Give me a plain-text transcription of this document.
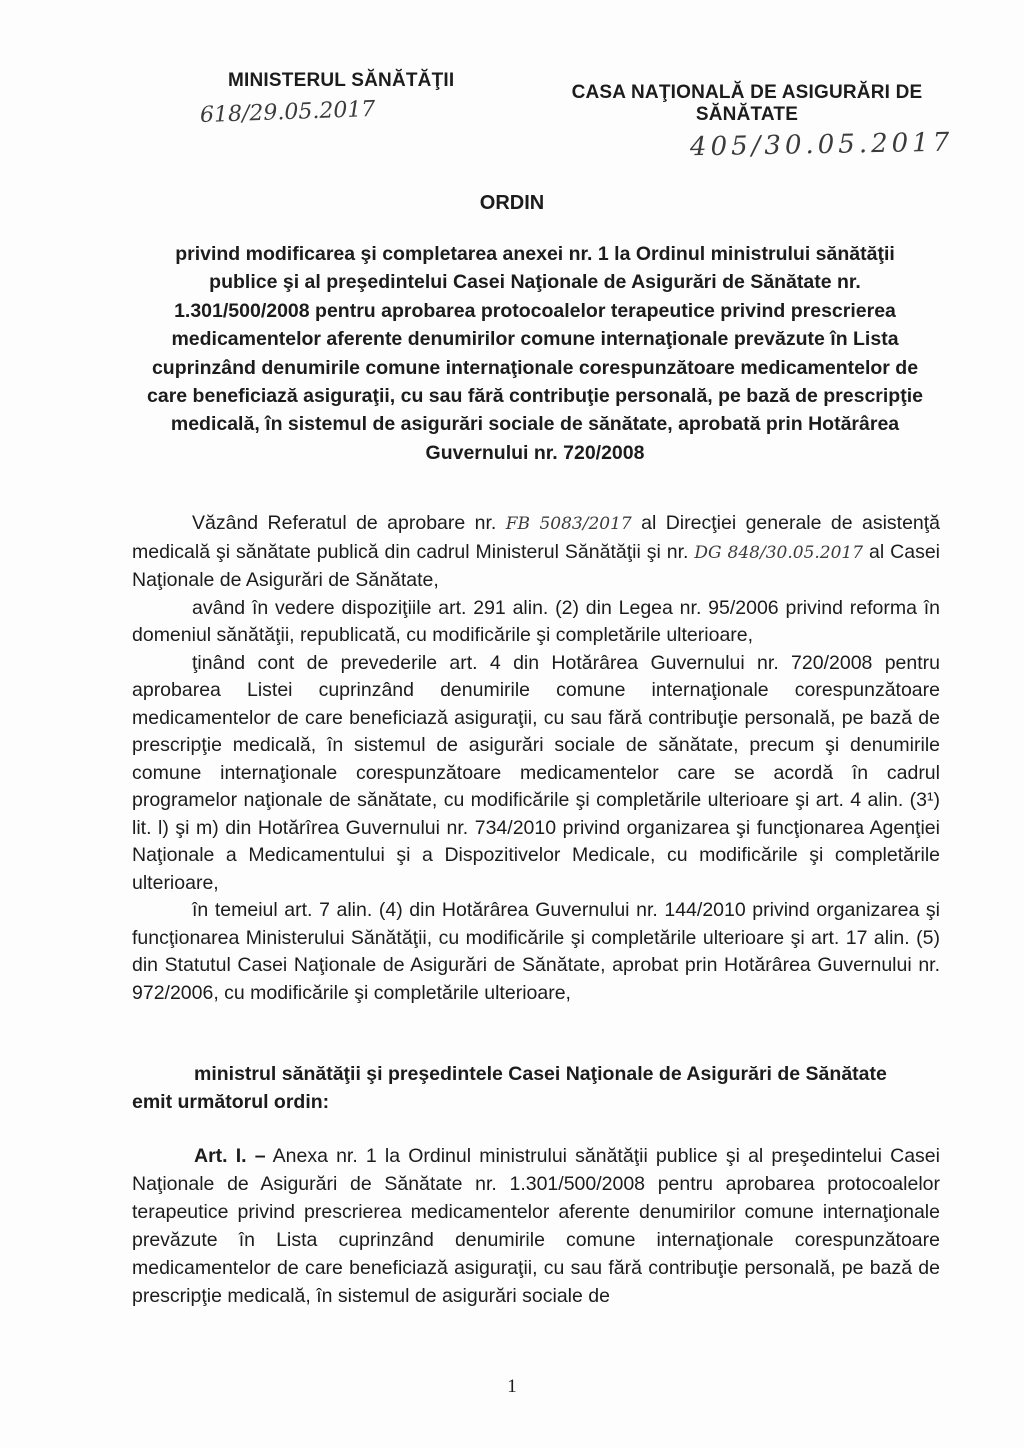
MINISTERUL SĂNĂTĂŢII
618/29.05.2017
CASA NAŢIONALĂ DE ASIGURĂRI DE SĂNĂTATE
405/30.05.2017
ORDIN
privind modificarea şi completarea anexei nr. 1 la Ordinul ministrului sănătăţii publice şi al preşedintelui Casei Naţionale de Asigurări de Sănătate nr. 1.301/500/2008 pentru aprobarea protocoalelor terapeutice privind prescrierea medicamentelor aferente denumirilor comune internaţionale prevăzute în Lista cuprinzând denumirile comune internaţionale corespunzătoare medicamentelor de care beneficiază asiguraţii, cu sau fără contribuţie personală, pe bază de prescripţie medicală, în sistemul de asigurări sociale de sănătate, aprobată prin Hotărârea Guvernului nr. 720/2008

Văzând Referatul de aprobare nr. FB 5083/2017 al Direcţiei generale de asistenţă medicală şi sănătate publică din cadrul Ministerul Sănătăţii şi nr. DG 848/30.05.2017 al Casei Naţionale de Asigurări de Sănătate,

având în vedere dispoziţiile art. 291 alin. (2) din Legea nr. 95/2006 privind reforma în domeniul sănătăţii, republicată, cu modificările şi completările ulterioare,

ţinând cont de prevederile art. 4 din Hotărârea Guvernului nr. 720/2008 pentru aprobarea Listei cuprinzând denumirile comune internaţionale corespunzătoare medicamentelor de care beneficiază asiguraţii, cu sau fără contribuţie personală, pe bază de prescripţie medicală, în sistemul de asigurări sociale de sănătate, precum şi denumirile comune internaţionale corespunzătoare medicamentelor care se acordă în cadrul programelor naţionale de sănătate, cu modificările şi completările ulterioare şi art. 4 alin. (3¹) lit. l) şi m) din Hotărîrea Guvernului nr. 734/2010 privind organizarea şi funcţionarea Agenţiei Naţionale a Medicamentului şi a Dispozitivelor Medicale, cu modificările şi completările ulterioare,

în temeiul art. 7 alin. (4) din Hotărârea Guvernului nr. 144/2010 privind organizarea şi funcţionarea Ministerului Sănătăţii, cu modificările şi completările ulterioare şi art. 17 alin. (5) din Statutul Casei Naţionale de Asigurări de Sănătate, aprobat prin Hotărârea Guvernului nr. 972/2006, cu modificările şi completările ulterioare,

ministrul sănătăţii şi preşedintele Casei Naţionale de Asigurări de Sănătate
emit următorul ordin:
Art. I. – Anexa nr. 1 la Ordinul ministrului sănătăţii publice şi al preşedintelui Casei Naţionale de Asigurări de Sănătate nr. 1.301/500/2008 pentru aprobarea protocoalelor terapeutice privind prescrierea medicamentelor aferente denumirilor comune internaţionale prevăzute în Lista cuprinzând denumirile comune internaţionale corespunzătoare medicamentelor de care beneficiază asiguraţii, cu sau fără contribuţie personală, pe bază de prescripţie medicală, în sistemul de asigurări sociale de
1
